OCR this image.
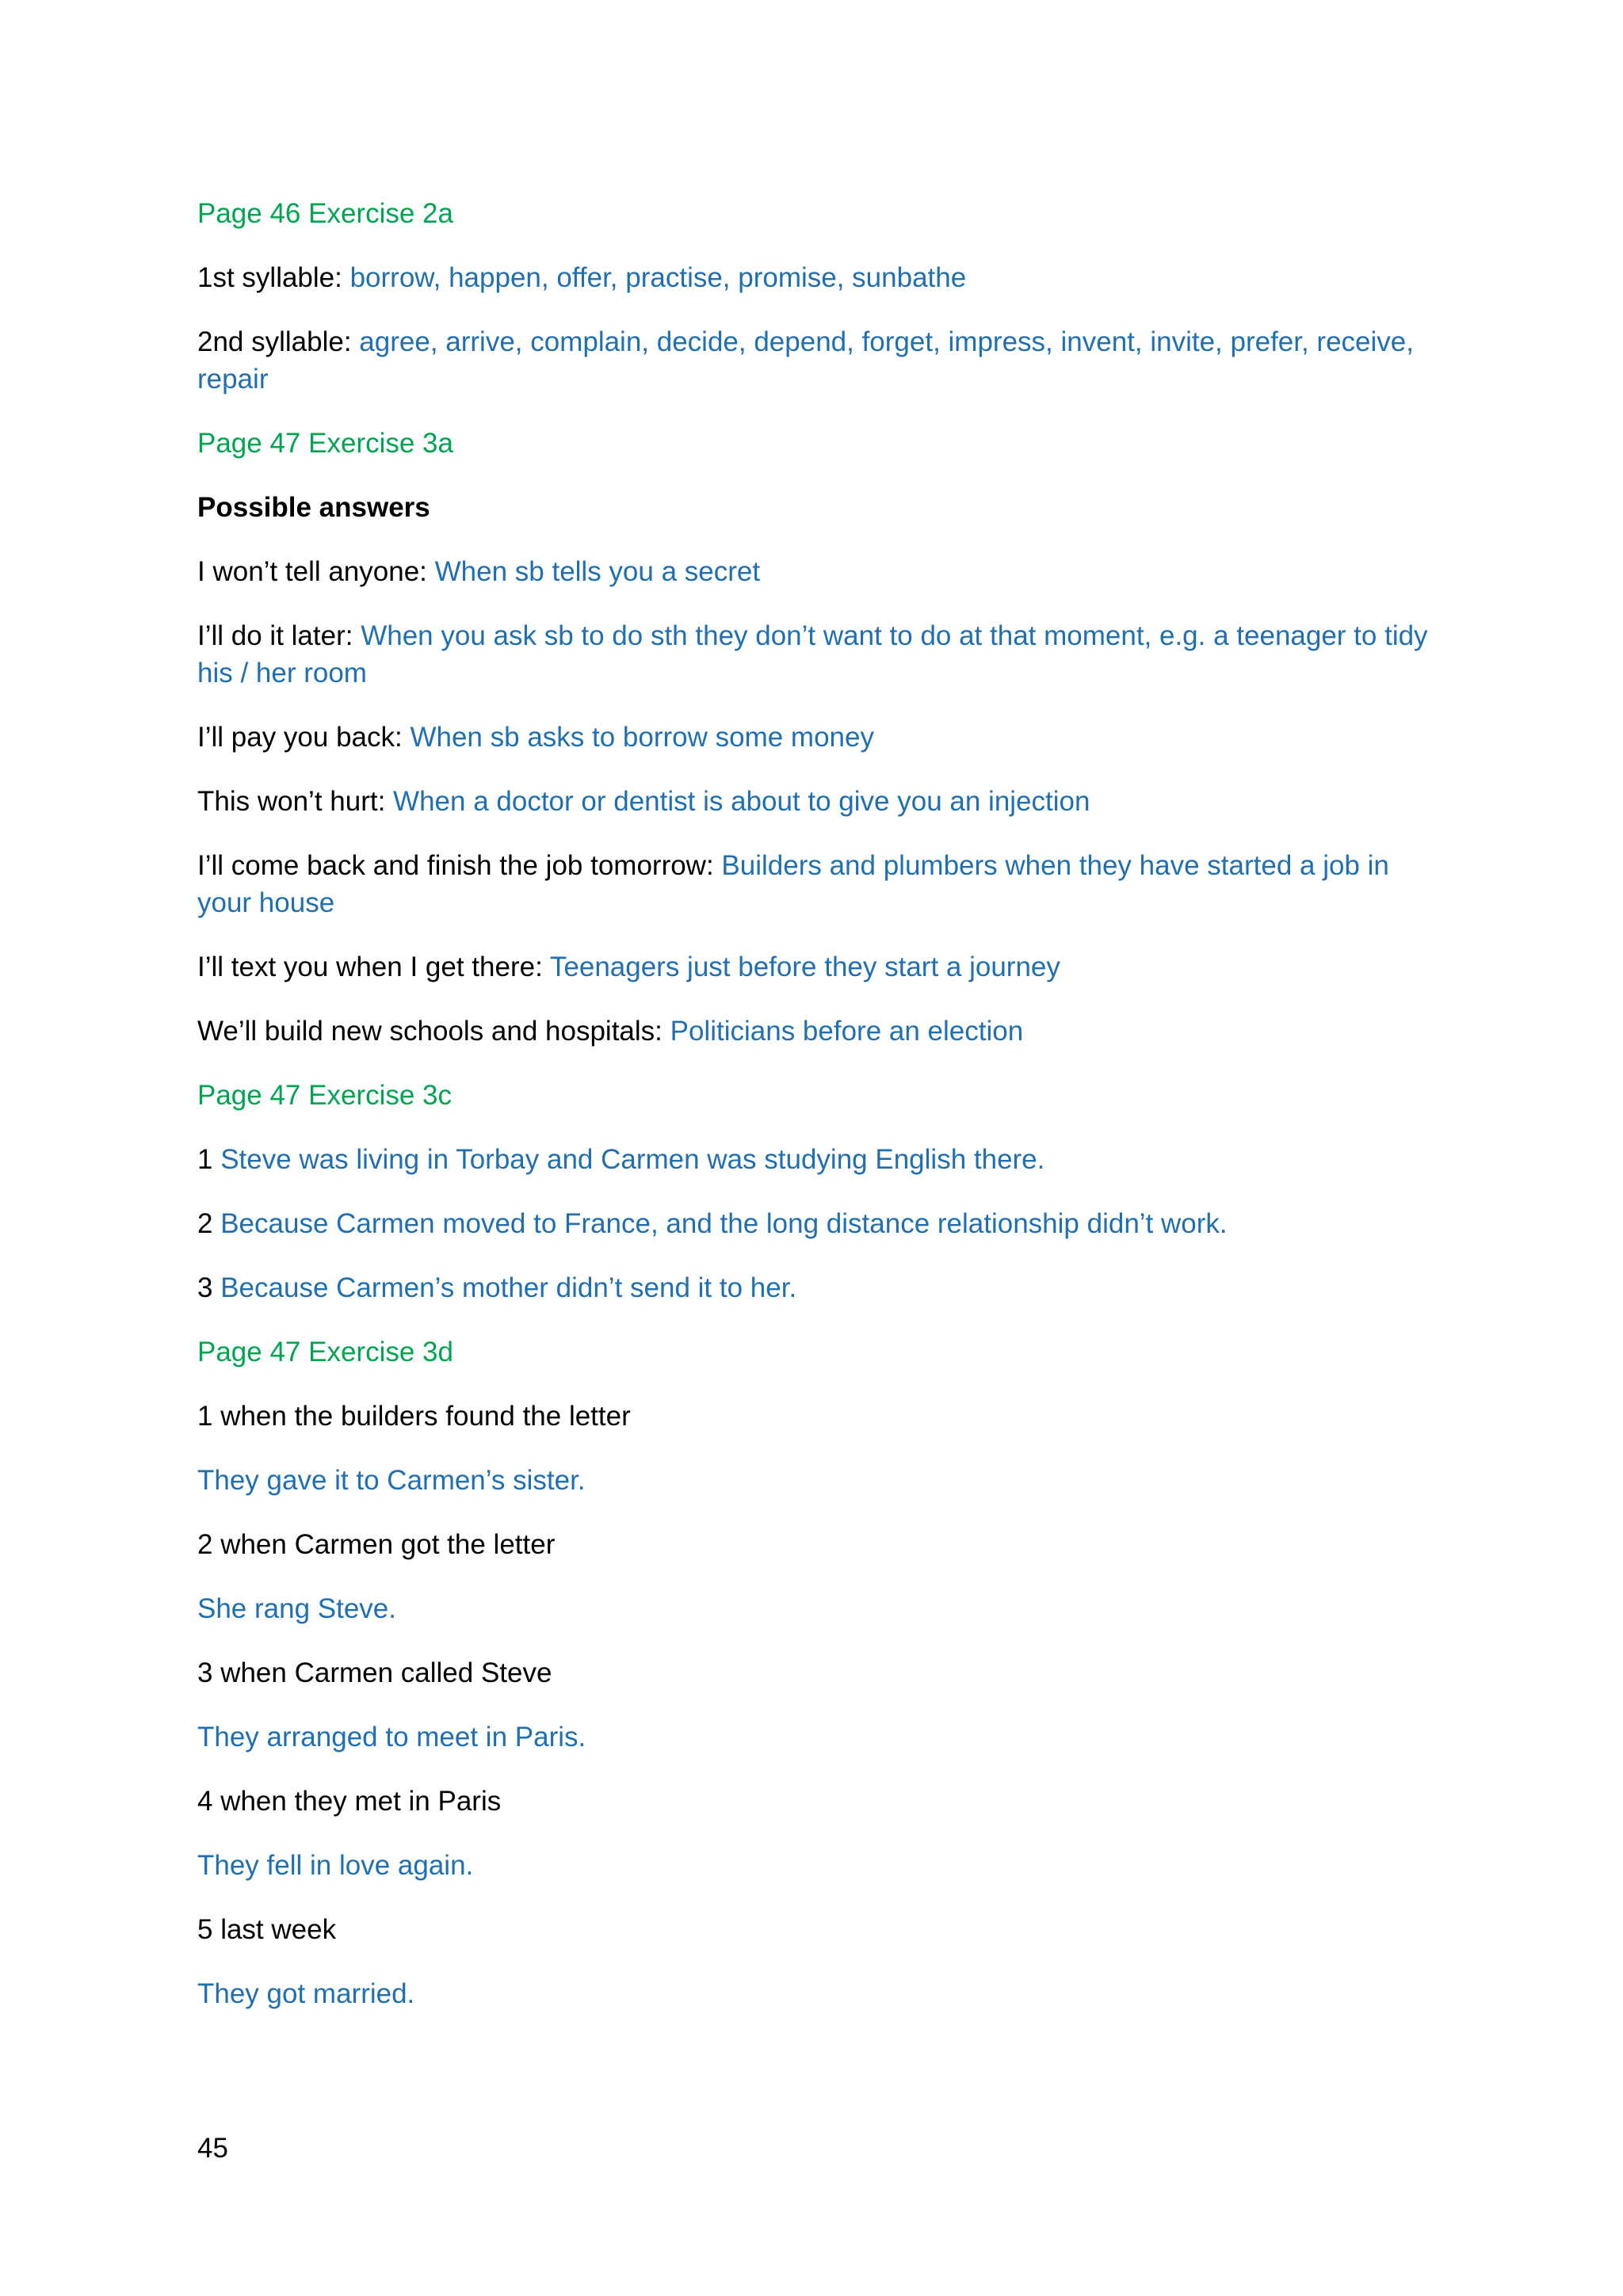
Page 46 Exercise 2a

1st syllable: borrow, happen, offer, practise, promise, sunbathe

2nd syllable: agree, arrive, complain, decide, depend, forget, impress, invent, invite, prefer, receive, repair

Page 47 Exercise 3a

Possible answers

I won’t tell anyone: When sb tells you a secret

I’ll do it later: When you ask sb to do sth they don’t want to do at that moment, e.g. a teenager to tidy his / her room

I’ll pay you back: When sb asks to borrow some money

This won’t hurt: When a doctor or dentist is about to give you an injection

I’ll come back and finish the job tomorrow: Builders and plumbers when they have started a job in your house

I’ll text you when I get there: Teenagers just before they start a journey

We’ll build new schools and hospitals: Politicians before an election

Page 47 Exercise 3c

1 Steve was living in Torbay and Carmen was studying English there.

2 Because Carmen moved to France, and the long distance relationship didn’t work.

3 Because Carmen’s mother didn’t send it to her.

Page 47 Exercise 3d

1 when the builders found the letter

They gave it to Carmen’s sister.

2 when Carmen got the letter

She rang Steve.

3 when Carmen called Steve

They arranged to meet in Paris.

4 when they met in Paris

They fell in love again.

5 last week

They got married.

45
